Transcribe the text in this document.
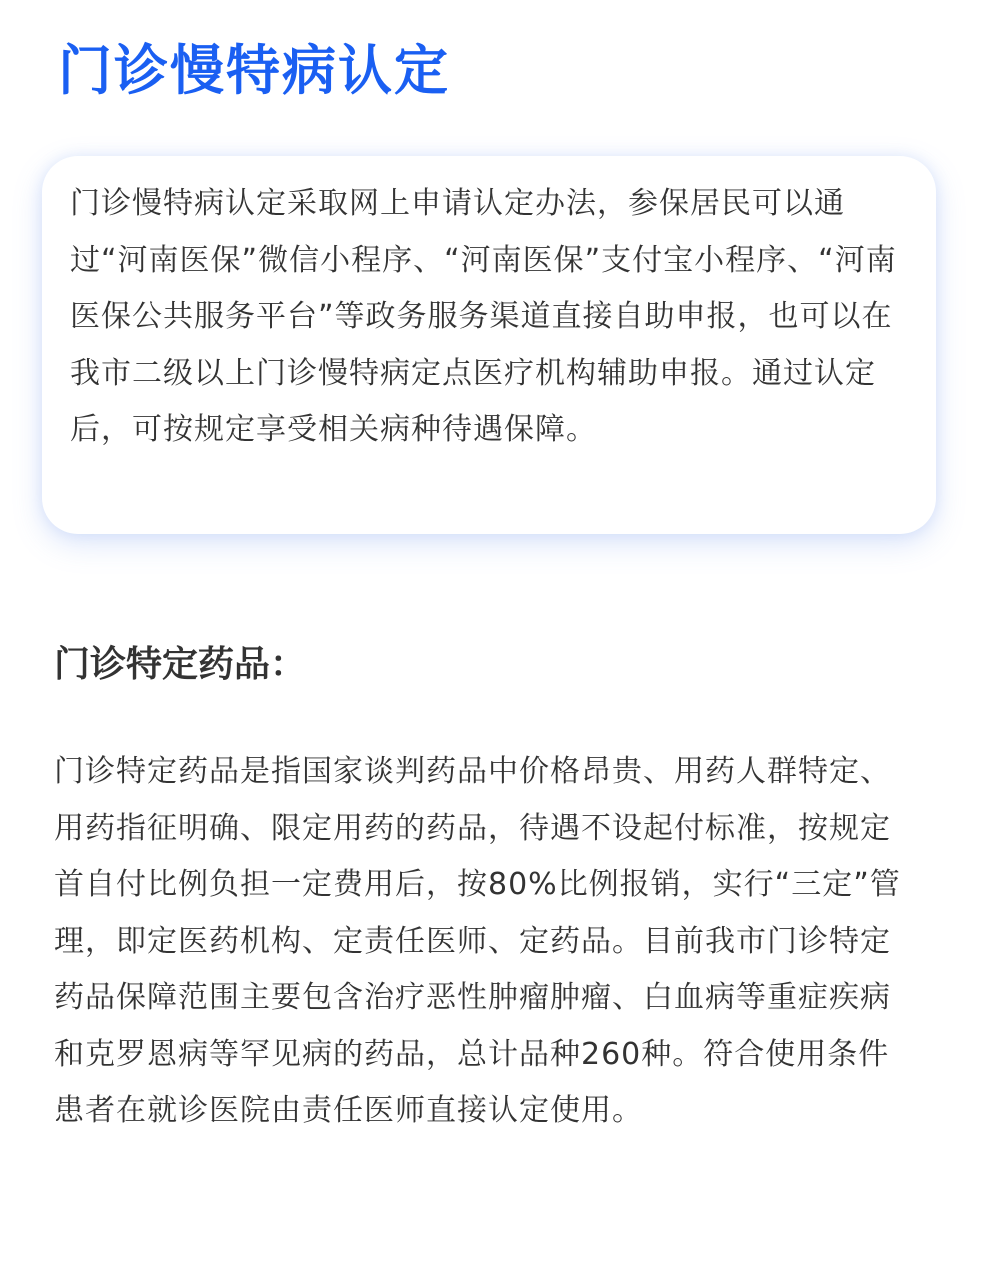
门诊慢特病认定

门诊慢特病认定采取网上申请认定办法，参保居民可以通过“河南医保”微信小程序、“河南医保”支付宝小程序、“河南医保公共服务平台”等政务服务渠道直接自助申报，也可以在我市二级以上门诊慢特病定点医疗机构辅助申报。通过认定后，可按规定享受相关病种待遇保障。

门诊特定药品：

门诊特定药品是指国家谈判药品中价格昂贵、用药人群特定、用药指征明确、限定用药的药品，待遇不设起付标准，按规定首自付比例负担一定费用后，按80%比例报销，实行“三定”管理，即定医药机构、定责任医师、定药品。目前我市门诊特定药品保障范围主要包含治疗恶性肿瘤肿瘤、白血病等重症疾病和克罗恩病等罕见病的药品，总计品种260种。符合使用条件患者在就诊医院由责任医师直接认定使用。
